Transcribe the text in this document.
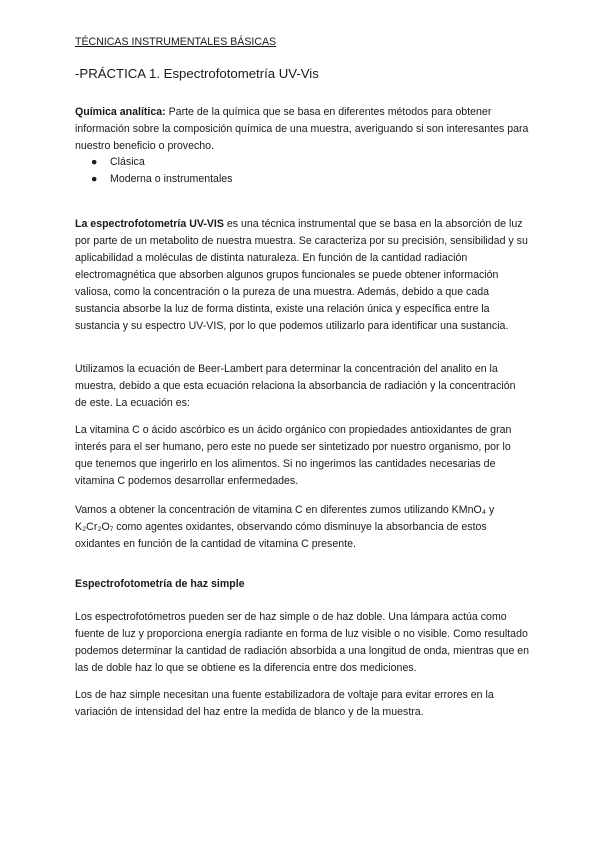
TÉCNICAS INSTRUMENTALES BÁSICAS

-PRÁCTICA 1. Espectrofotometría UV-Vis

Química analítica: Parte de la química que se basa en diferentes métodos para obtener información sobre la composición química de una muestra, averiguando si son interesantes para nuestro beneficio o provecho.

● Clásica
● Moderna o instrumentales

La espectrofotometría UV-VIS es una técnica instrumental que se basa en la absorción de luz por parte de un metabolito de nuestra muestra. Se caracteriza por su precisión, sensibilidad y su aplicabilidad a moléculas de distinta naturaleza. En función de la cantidad radiación electromagnética que absorben algunos grupos funcionales se puede obtener información valiosa, como la concentración o la pureza de una muestra. Además, debido a que cada sustancia absorbe la luz de forma distinta, existe una relación única y específica entre la sustancia y su espectro UV-VIS, por lo que podemos utilizarlo para identificar una sustancia.

Utilizamos la ecuación de Beer-Lambert para determinar la concentración del analito en la muestra, debido a que esta ecuación relaciona la absorbancia de radiación y la concentración de este. La ecuación es:

La vitamina C o ácido ascórbico es un ácido orgánico con propiedades antioxidantes de gran interés para el ser humano, pero este no puede ser sintetizado por nuestro organismo, por lo que tenemos que ingerirlo en los alimentos. Si no ingerimos las cantidades necesarias de vitamina C podemos desarrollar enfermedades.

Vamos a obtener la concentración de vitamina C en diferentes zumos utilizando KMnO₄ y K₂Cr₂O₇ como agentes oxidantes, observando cómo disminuye la absorbancia de estos oxidantes en función de la cantidad de vitamina C presente.

Espectrofotometría de haz simple

Los espectrofotómetros pueden ser de haz simple o de haz doble. Una lámpara actúa como fuente de luz y proporciona energía radiante en forma de luz visible o no visible. Como resultado podemos determinar la cantidad de radiación absorbida a una longitud de onda, mientras que en las de doble haz lo que se obtiene es la diferencia entre dos mediciones.

Los de haz simple necesitan una fuente estabilizadora de voltaje para evitar errores en la variación de intensidad del haz entre la medida de blanco y de la muestra.
